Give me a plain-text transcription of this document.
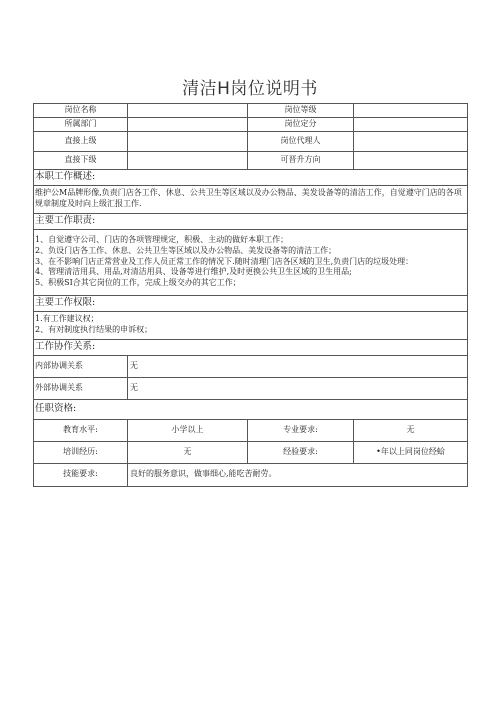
清洁H岗位说明书
岗位名称		岗位等级	
所属部门		岗位定分	
直接上级		岗位代理人	
直接下级		可晋升方向	
本职工作概述:			
维护公M品牌形像,负责门店各工作、休息、公共卫生等区域以及办公物品、美发设备等的清洁工作，自觉遵守门店的各项规章制度及时向上级汇报工作.			
主要工作职责:			

1、自觉遵守公司、门店的各项管理规定，积极、主动的做好本职工作；
2、负设门店各工作、休息、公共卫生等区域以及办公物品、美发设备等的清洁工作；
3、在不影响门店正常营业及工作人员正常工作的情况下.随时清理门店各区域的卫生,负责门店的垃圾处理：
4、管理清洁用具、用品,对清洁用具、设备等进行维护,及时更换公共卫生区域的卫生用品;
5、积极SI合其它岗位的工作，完成上级交办的其它工作；			

主要工作权限:			

1.有工作建议权；
2、有对制度执行结果的申诉权；			

工作协作关系:			
内部协调关系	无		
外部协调关系	无		
任职资格:			
教育水平:	小学以上	专业要求:	无
培训经历:	无	经验要求:	•年以上同岗位经蛤
技能要求:	良好的服务意识，做事细心,能吃苦耐劳。		
